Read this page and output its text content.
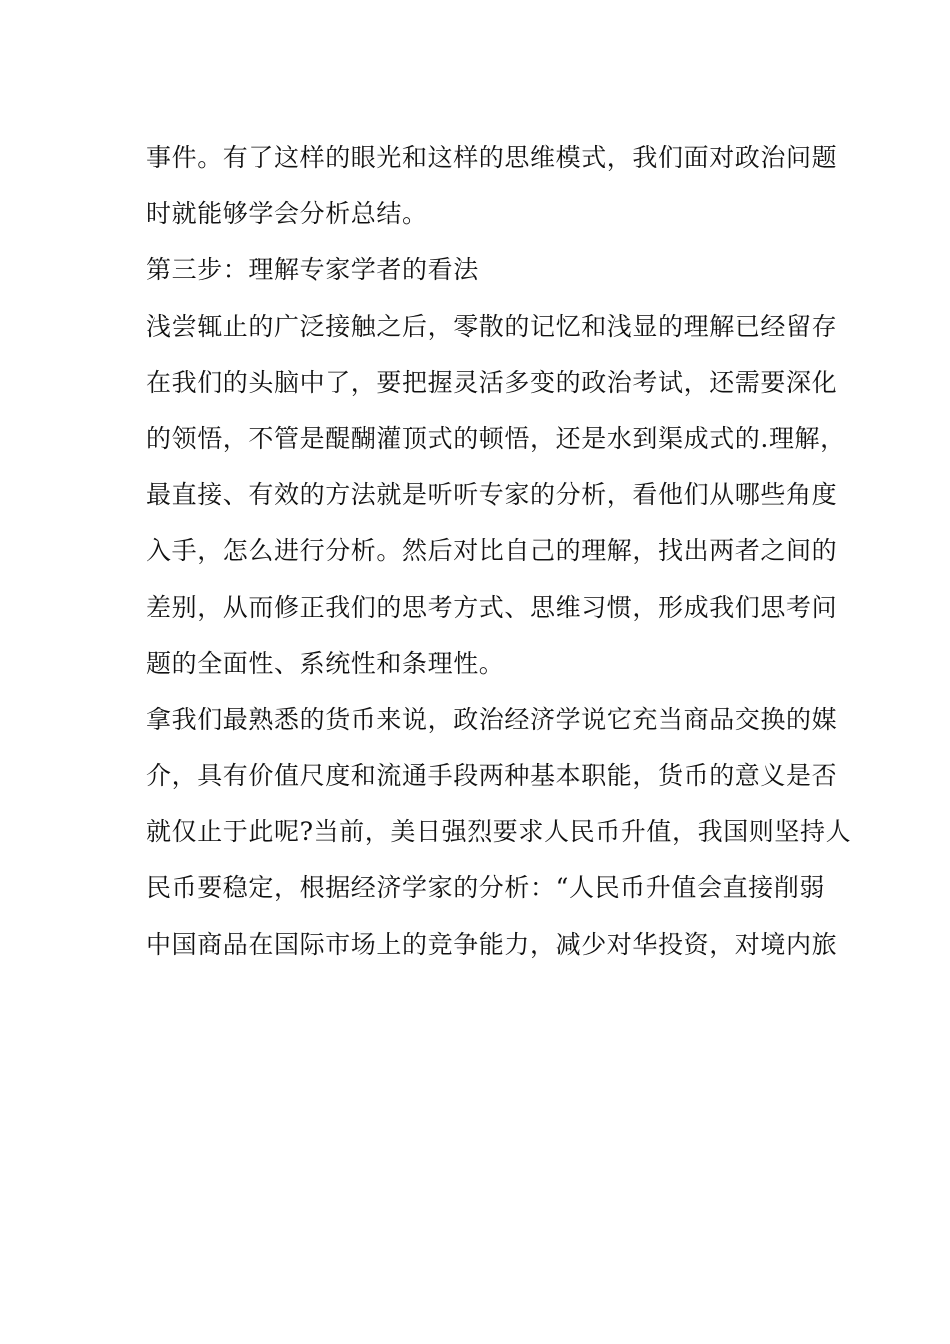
事件。有了这样的眼光和这样的思维模式，我们面对政治问题

时就能够学会分析总结。

第三步：理解专家学者的看法

浅尝辄止的广泛接触之后，零散的记忆和浅显的理解已经留存

在我们的头脑中了，要把握灵活多变的政治考试，还需要深化

的领悟，不管是醍醐灌顶式的顿悟，还是水到渠成式的.理解，

最直接、有效的方法就是听听专家的分析，看他们从哪些角度

入手，怎么进行分析。然后对比自己的理解，找出两者之间的

差别，从而修正我们的思考方式、思维习惯，形成我们思考问

题的全面性、系统性和条理性。

拿我们最熟悉的货币来说，政治经济学说它充当商品交换的媒

介，具有价值尺度和流通手段两种基本职能，货币的意义是否

就仅止于此呢?当前，美日强烈要求人民币升值，我国则坚持人

民币要稳定，根据经济学家的分析：“人民币升值会直接削弱

中国商品在国际市场上的竞争能力，减少对华投资，对境内旅
